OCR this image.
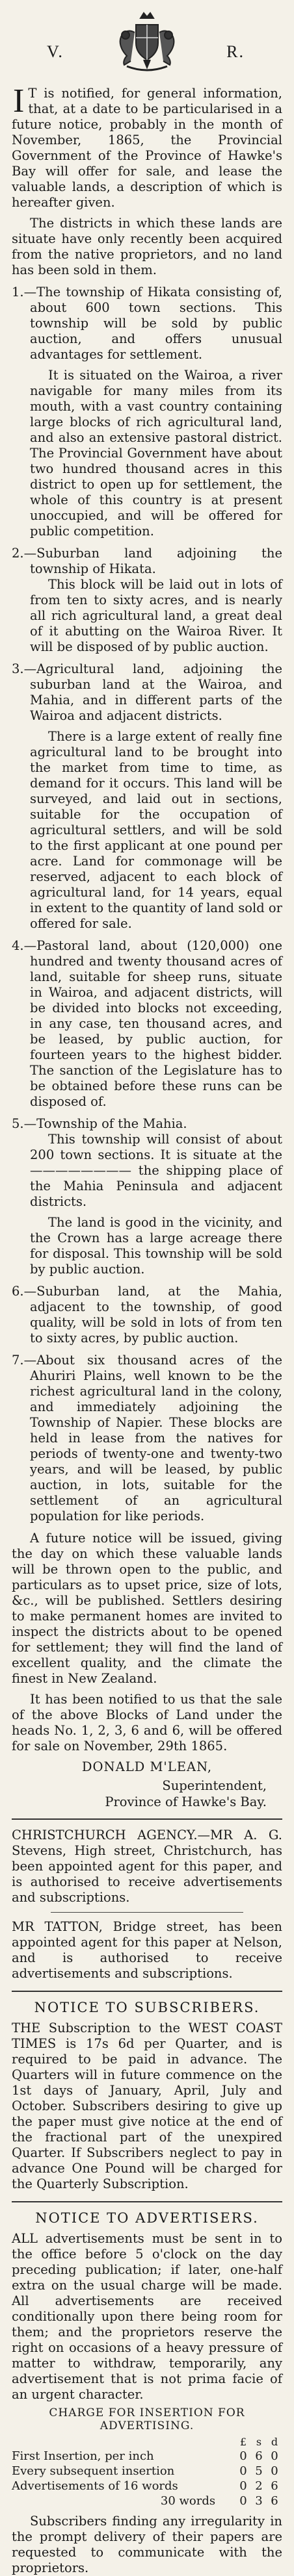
V.	R.
I T is notified, for general information, that, at a date to be particularised in a future notice, probably in the month of November, 1865, the Provincial Government of the Province of Hawke's Bay will offer for sale, and lease the valuable lands, a description of which is hereafter given.

The districts in which these lands are situate have only recently been acquired from the native proprietors, and no land has been sold in them.

1.—The township of Hikata consisting of, about 600 town sections. This township will be sold by public auction, and offers unusual advantages for settlement.

It is situated on the Wairoa, a river navigable for many miles from its mouth, with a vast country containing large blocks of rich agricultural land, and also an extensive pastoral district. The Provincial Government have about two hundred thousand acres in this district to open up for settlement, the whole of this country is at present unoccupied, and will be offered for public competition.

2.—Suburban land adjoining the township of Hikata.

This block will be laid out in lots of from ten to sixty acres, and is nearly all rich agricultural land, a great deal of it abutting on the Wairoa River. It will be disposed of by public auction.

3.—Agricultural land, adjoining the suburban land at the Wairoa, and Mahia, and in different parts of the Wairoa and adjacent districts.

There is a large extent of really fine agricultural land to be brought into the market from time to time, as demand for it occurs. This land will be surveyed, and laid out in sections, suitable for the occupation of agricultural settlers, and will be sold to the first applicant at one pound per acre. Land for commonage will be reserved, adjacent to each block of agricultural land, for 14 years, equal in extent to the quantity of land sold or offered for sale.

4.—Pastoral land, about (120,000) one hundred and twenty thousand acres of land, suitable for sheep runs, situate in Wairoa, and adjacent districts, will be divided into blocks not exceeding, in any case, ten thousand acres, and be leased, by public auction, for fourteen years to the highest bidder. The sanction of the Legislature has to be obtained before these runs can be disposed of.

5.—Township of the Mahia.

This township will consist of about 200 town sections. It is situate at the ———————— the shipping place of the Mahia Peninsula and adjacent districts.

The land is good in the vicinity, and the Crown has a large acreage there for disposal. This township will be sold by public auction.

6.—Suburban land, at the Mahia, adjacent to the township, of good quality, will be sold in lots of from ten to sixty acres, by public auction.

7.—About six thousand acres of the Ahuriri Plains, well known to be the richest agricultural land in the colony, and immediately adjoining the Township of Napier. These blocks are held in lease from the natives for periods of twenty-one and twenty-two years, and will be leased, by public auction, in lots, suitable for the settlement of an agricultural population for like periods.

A future notice will be issued, giving the day on which these valuable lands will be thrown open to the public, and particulars as to upset price, size of lots, &c., will be published. Settlers desiring to make permanent homes are invited to inspect the districts about to be opened for settlement; they will find the land of excellent quality, and the climate the finest in New Zealand.

It has been notified to us that the sale of the above Blocks of Land under the heads No. 1, 2, 3, 6 and 6, will be offered for sale on November, 29th 1865.

DONALD M'LEAN,
Superintendent,
Province of Hawke's Bay.

CHRISTCHURCH AGENCY.—MR A. G. Stevens, High street, Christchurch, has been appointed agent for this paper, and is authorised to receive advertisements and subscriptions.

MR TATTON, Bridge street, has been appointed agent for this paper at Nelson, and is authorised to receive advertisements and subscriptions.

NOTICE TO SUBSCRIBERS.

THE Subscription to the WEST COAST TIMES is 17s 6d per Quarter, and is required to be paid in advance. The Quarters will in future commence on the 1st days of January, April, July and October. Subscribers desiring to give up the paper must give notice at the end of the fractional part of the unexpired Quarter. If Subscribers neglect to pay in advance One Pound will be charged for the Quarterly Subscription.

NOTICE TO ADVERTISERS.

ALL advertisements must be sent in to the office before 5 o'clock on the day preceding publication; if later, one-half extra on the usual charge will be made. All advertisements are received conditionally upon there being room for them; and the proprietors reserve the right on occasions of a heavy pressure of matter to withdraw, temporarily, any advertisement that is not prima facie of an urgent character.

CHARGE FOR INSERTION FOR ADVERTISING.
	£	s	d
First Insertion, per inch	0	6	0
Every subsequent insertion	0	5	0
Advertisements of 16 words	0	2	6
30 words	0	3	6

Subscribers finding any irregularity in the prompt delivery of their papers are requested to communicate with the proprietors.
